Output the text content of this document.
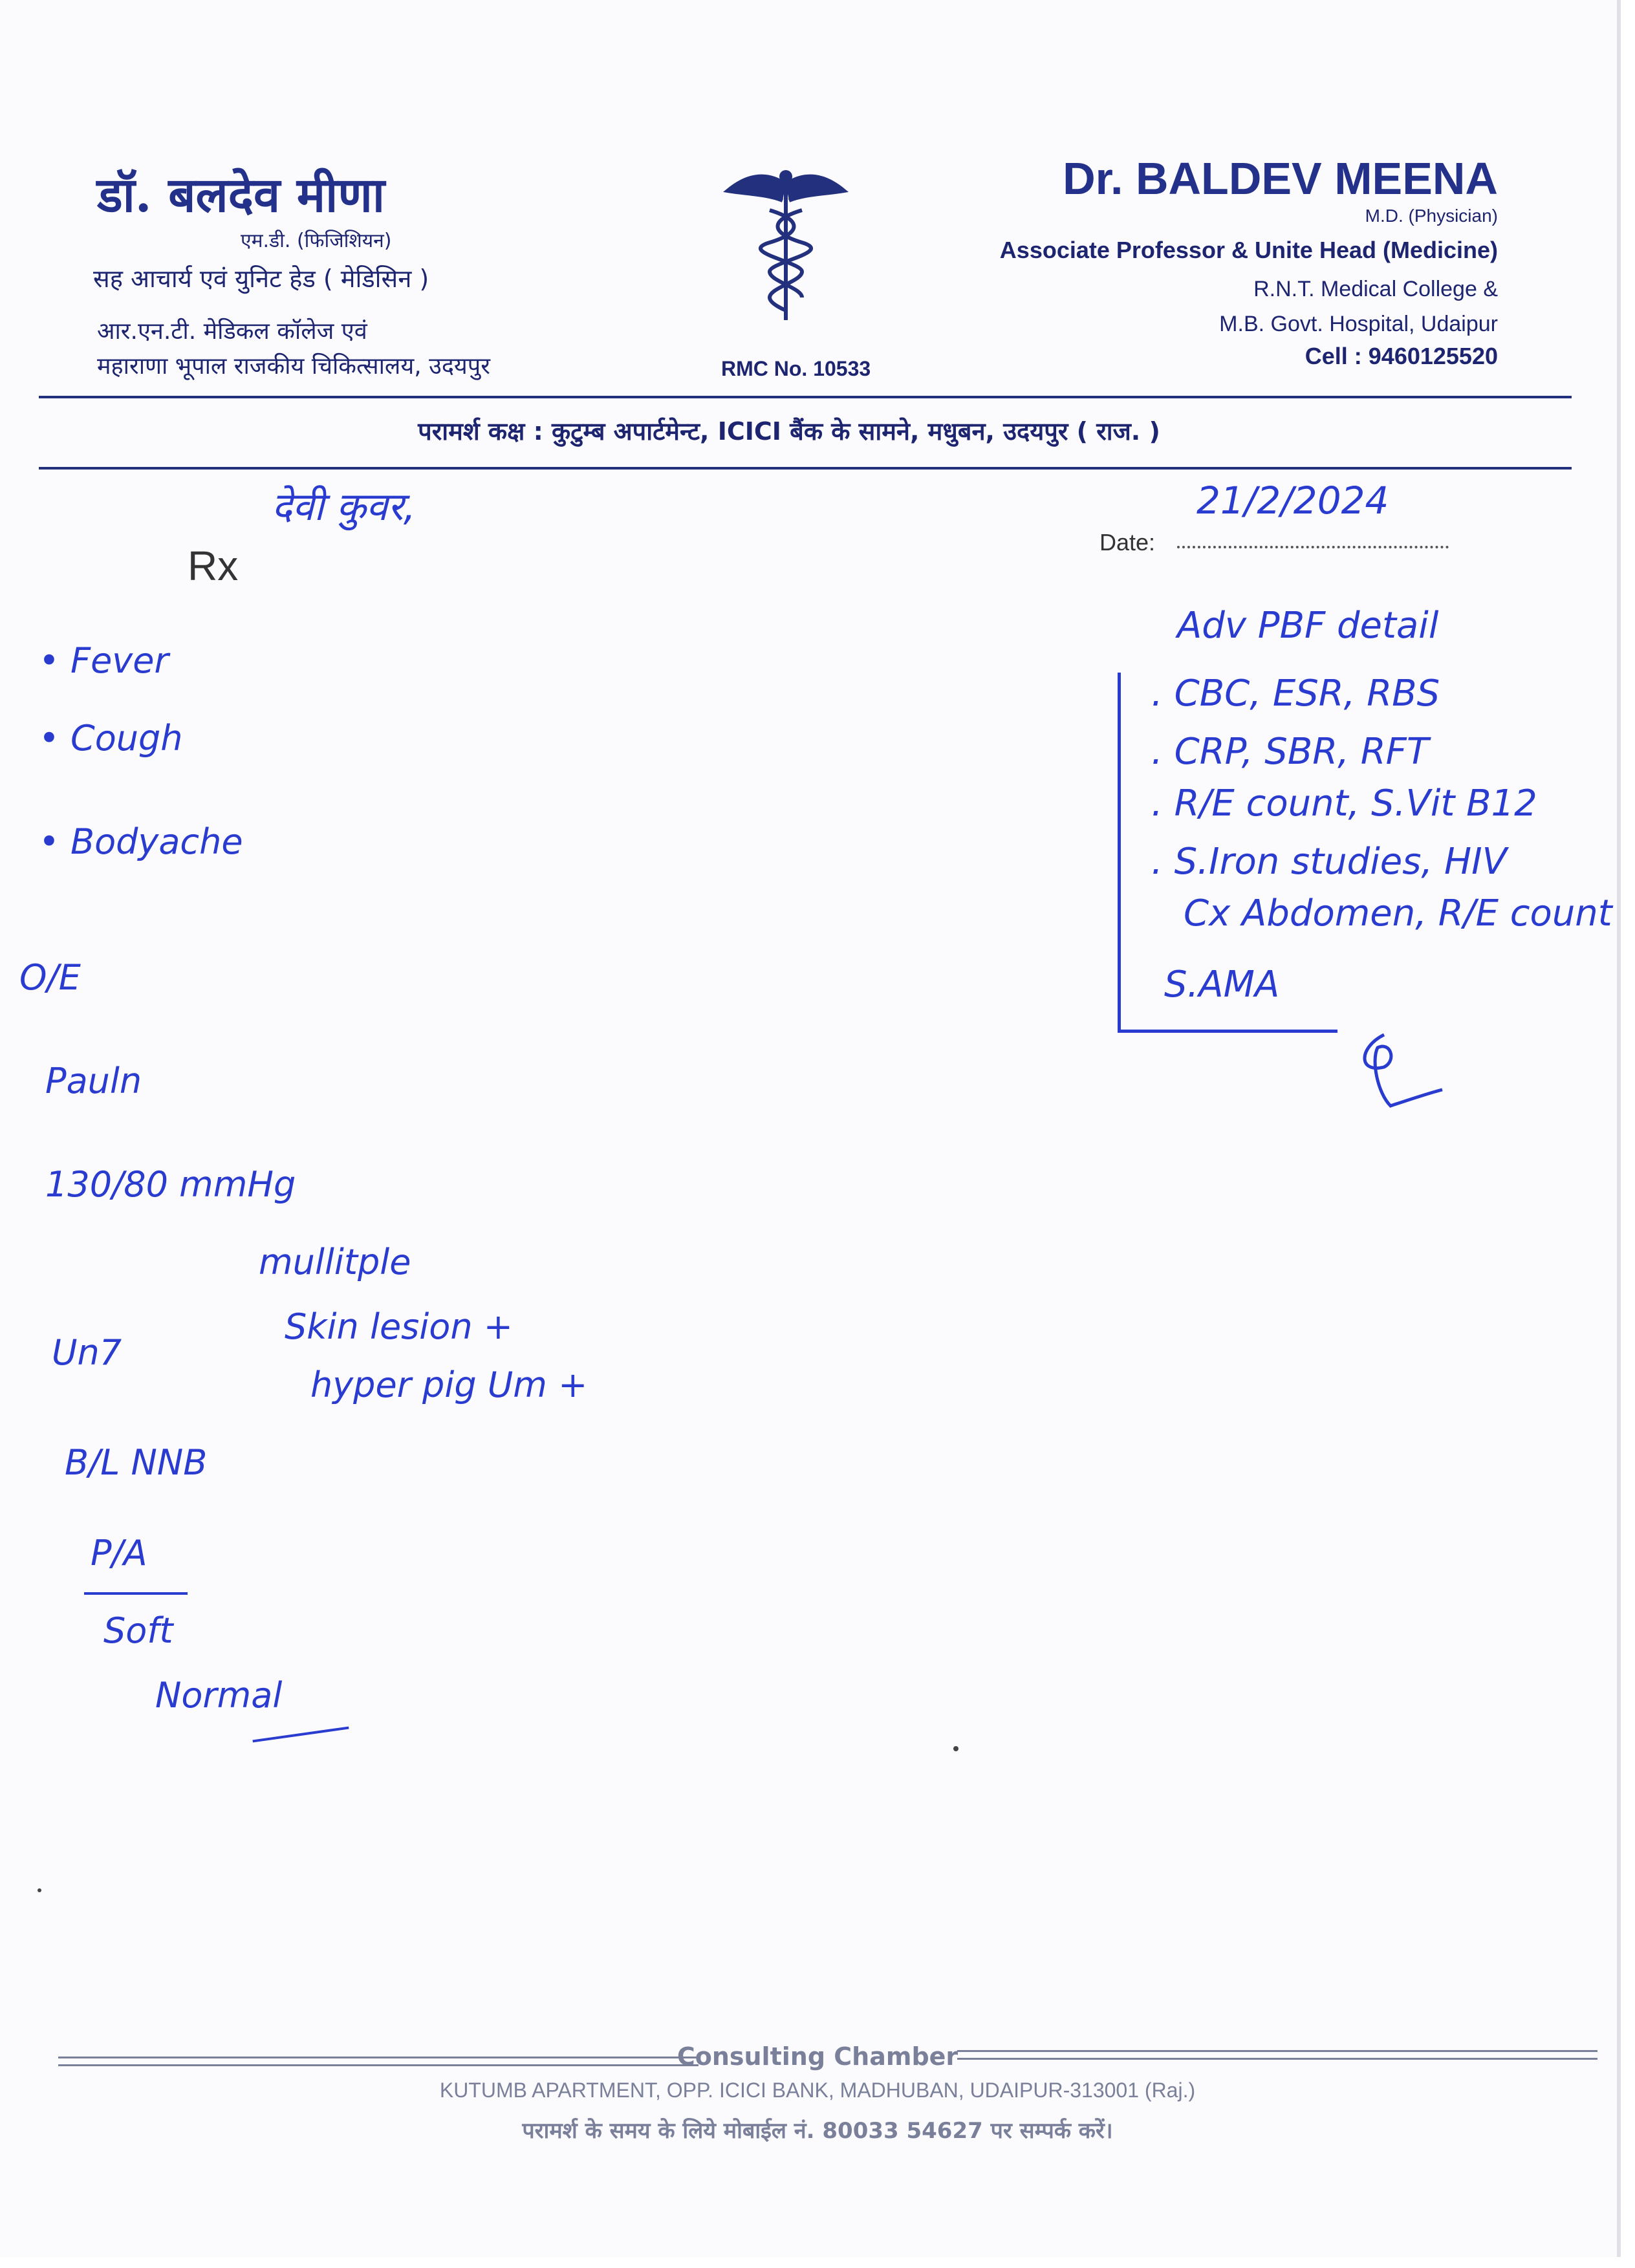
डॉ. बलदेव मीणा
एम.डी. (फिजिशियन)
सह आचार्य एवं युनिट हेड ( मेडिसिन )
आर.एन.टी. मेडिकल कॉलेज एवं
महाराणा भूपाल राजकीय चिकित्सालय, उदयपुर	RMC No. 10533
Dr. BALDEV MEENA
M.D. (Physician)
Associate Professor & Unite Head (Medicine)
R.N.T. Medical College &
M.B. Govt. Hospital, Udaipur
Cell : 9460125520
परामर्श कक्ष : कुटुम्ब अपार्टमेन्ट, ICICI बैंक के सामने, मधुबन, उदयपुर ( राज. )
Rx
Date:
21/2/2024
देवी कुवर,
• Fever
• Cough
• Bodyache
O/E
Pauln
130/80 mmHg
mullitple
Un7
Skin lesion +
hyper pig Um +
B/L NNB
P/A
Soft
Normal
Adv PBF detail
. CBC, ESR, RBS
. CRP, SBR, RFT
. R/E count, S.Vit B12
. S.Iron studies, HIV
Cx Abdomen, R/E count
S.AMA
Consulting Chamber
KUTUMB APARTMENT, OPP. ICICI BANK, MADHUBAN, UDAIPUR-313001 (Raj.)
परामर्श के समय के लिये मोबाईल नं. 80033 54627 पर सम्पर्क करें।
